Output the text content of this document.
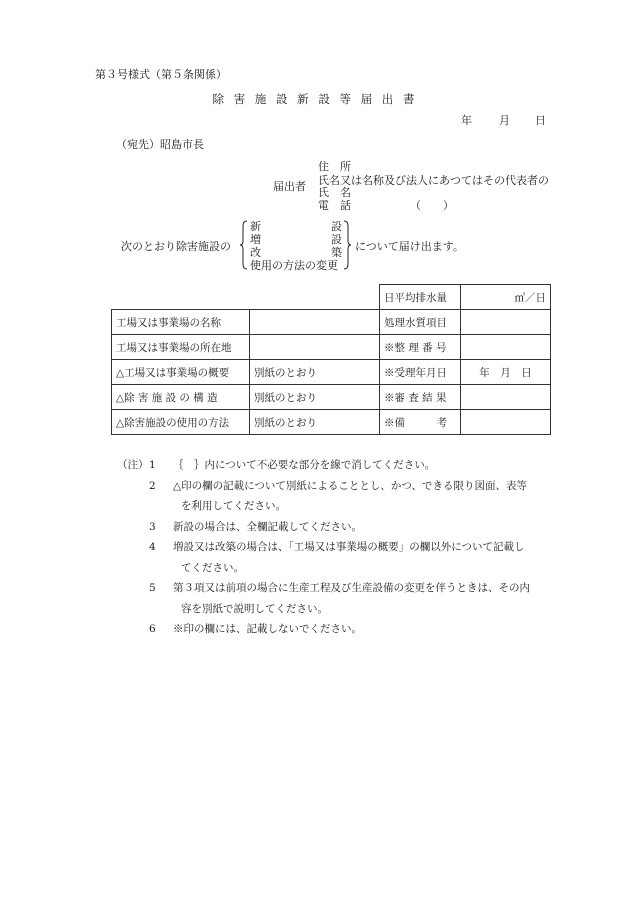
第３号様式（第５条関係）
除 害 施 設 新 設 等 届 出 書
年 月 日
（宛先）昭島市長
届出者
住　所
氏名又は名称及び法人にあつてはその代表者の
氏　名
電　話	（　　）
次のとおり除害施設の
新	設
増	設
改	築
使用の方法の変更
について届け出ます。
		日平均排水量	㎥／日
工場又は事業場の名称		処理水質項目	
工場又は事業場の所在地		※整 理 番 号	
△工場又は事業場の概要	別紙のとおり	※受理年月日	年　月　日
△除 害 施 設 の 構 造	別紙のとおり	※審 査 結 果	
△除害施設の使用の方法	別紙のとおり	※備　　　考	
（注） 1	｛　｝内について不必要な部分を線で消してください。
2	△印の欄の記載について別紙によることとし、かつ、できる限り図面、表等
を利用してください。
3	新設の場合は、全欄記載してください。
4	増設又は改築の場合は、「工場又は事業場の概要」の欄以外について記載し
てください。
5	第３項又は前項の場合に生産工程及び生産設備の変更を伴うときは、その内
容を別紙で説明してください。
6	※印の欄には、記載しないでください。
